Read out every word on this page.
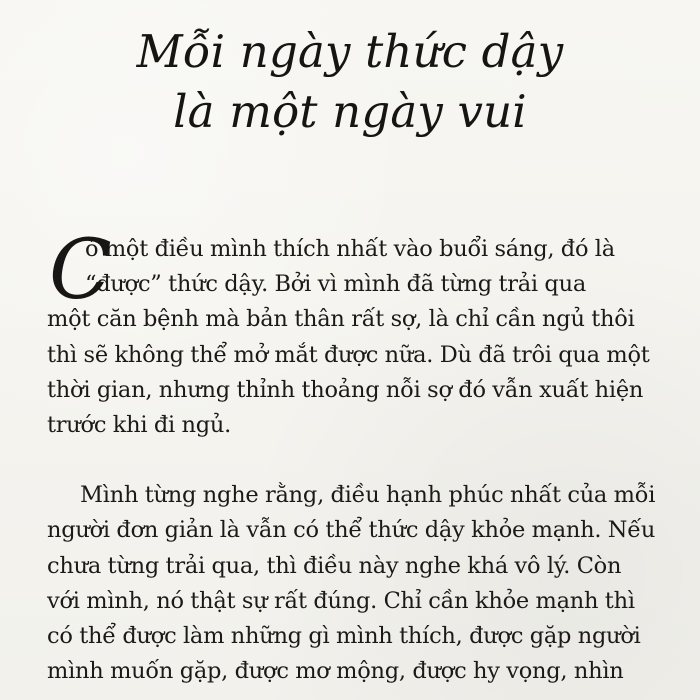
Mỗi ngày thức dậy
là một ngày vui
C
ó một điều mình thích nhất vào buổi sáng, đó là
“được” thức dậy. Bởi vì mình đã từng trải qua
một căn bệnh mà bản thân rất sợ, là chỉ cần ngủ thôi
thì sẽ không thể mở mắt được nữa. Dù đã trôi qua một
thời gian, nhưng thỉnh thoảng nỗi sợ đó vẫn xuất hiện
trước khi đi ngủ.
Mình từng nghe rằng, điều hạnh phúc nhất của mỗi
người đơn giản là vẫn có thể thức dậy khỏe mạnh. Nếu
chưa từng trải qua, thì điều này nghe khá vô lý. Còn
với mình, nó thật sự rất đúng. Chỉ cần khỏe mạnh thì
có thể được làm những gì mình thích, được gặp người
mình muốn gặp, được mơ mộng, được hy vọng, nhìn
